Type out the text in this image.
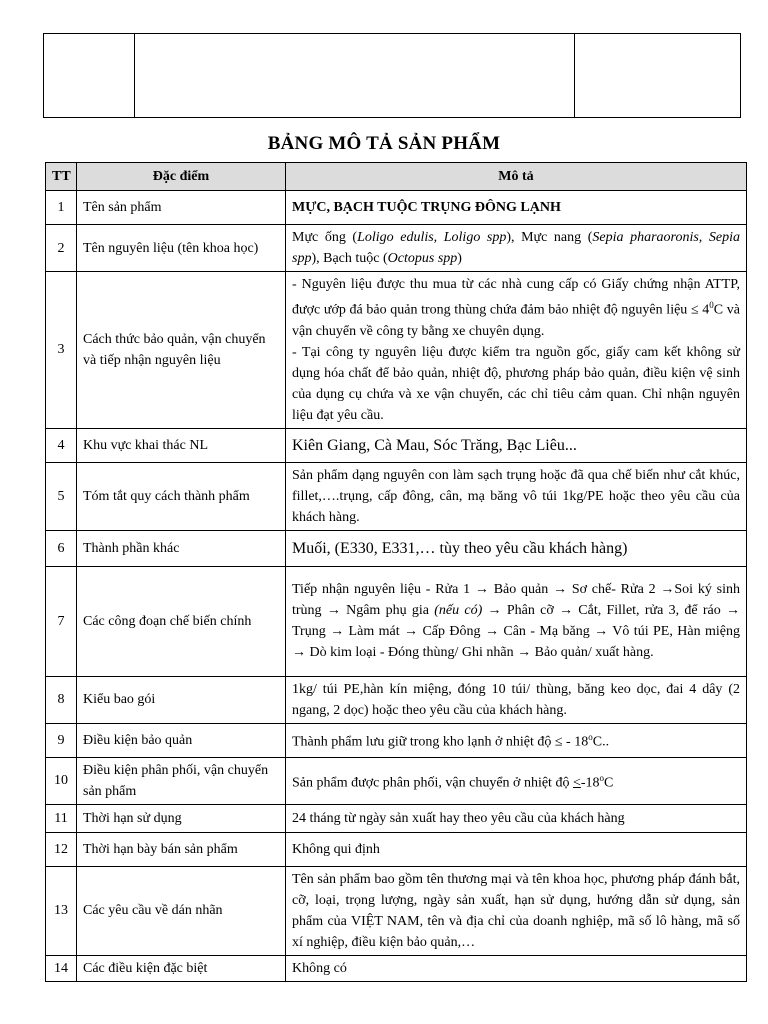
BẢNG MÔ TẢ SẢN PHẨM
TT	Đặc điểm	Mô tả
1	Tên sản phẩm	MỰC, BẠCH TUỘC TRỤNG ĐÔNG LẠNH
2	Tên nguyên liệu (tên khoa học)	Mực ống (Loligo edulis, Loligo spp), Mực nang (Sepia pharaoronis, Sepia spp), Bạch tuộc (Octopus spp)
3	Cách thức bảo quản, vận chuyển và tiếp nhận nguyên liệu	- Nguyên liệu được thu mua từ các nhà cung cấp có Giấy chứng nhận ATTP, được ướp đá bảo quản trong thùng chứa đảm bảo nhiệt độ nguyên liệu ≤ $4^0C$ và vận chuyển về công ty bằng xe chuyên dụng.
- Tại công ty nguyên liệu được kiểm tra nguồn gốc, giấy cam kết không sử dụng hóa chất để bảo quản, nhiệt độ, phương pháp bảo quản, điều kiện vệ sinh của dụng cụ chứa và xe vận chuyển, các chỉ tiêu cảm quan. Chỉ nhận nguyên liệu đạt yêu cầu.

4	Khu vực khai thác NL	Kiên Giang, Cà Mau, Sóc Trăng, Bạc Liêu...
5	Tóm tắt quy cách thành phẩm	Sản phẩm dạng nguyên con làm sạch trụng hoặc đã qua chế biến như cắt khúc, fillet,….trụng, cấp đông, cân, mạ băng vô túi 1kg/PE hoặc theo yêu cầu của khách hàng.
6	Thành phần khác	Muối, (E330, E331,… tùy theo yêu cầu khách hàng)
7	Các công đoạn chế biến chính	Tiếp nhận nguyên liệu - Rửa 1 → Bảo quản → Sơ chế- Rửa 2 →Soi ký sinh trùng → Ngâm phụ gia (nếu có) → Phân cỡ → Cắt, Fillet, rửa 3, để ráo → Trụng → Làm mát → Cấp Đông → Cân - Mạ băng → Vô túi PE, Hàn miệng → Dò kim loại - Đóng thùng/ Ghi nhãn → Bảo quản/ xuất hàng.
8	Kiểu bao gói	1kg/ túi PE,hàn kín miệng, đóng 10 túi/ thùng, băng keo dọc, đai 4 dây (2 ngang, 2 dọc) hoặc theo yêu cầu của khách hàng.
9	Điều kiện bảo quản	Thành phẩm lưu giữ trong kho lạnh ở nhiệt độ ≤ - 18$^o$C..
10	Điều kiện phân phối, vận chuyển sản phẩm	Sản phẩm được phân phối, vận chuyển ở nhiệt độ $<-18^oC$
11	Thời hạn sử dụng	24 tháng từ ngày sản xuất hay theo yêu cầu của khách hàng
12	Thời hạn bày bán sản phẩm	Không qui định
13	Các yêu cầu về dán nhãn	Tên sản phẩm bao gồm tên thương mại và tên khoa học, phương pháp đánh bắt, cỡ, loại, trọng lượng, ngày sản xuất, hạn sử dụng, hướng dẫn sử dụng, sản phẩm của VIỆT NAM, tên và địa chỉ của doanh nghiệp, mã số lô hàng, mã số xí nghiệp, điều kiện bảo quản,…
14	Các điều kiện đặc biệt	Không có
